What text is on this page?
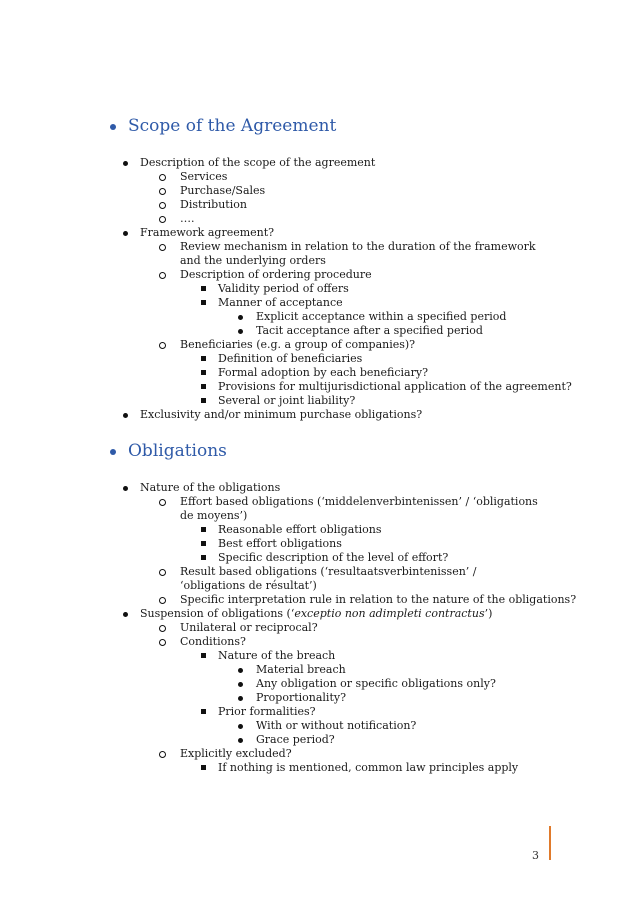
Scope of the Agreement
Description of the scope of the agreement
Services
Purchase/Sales
Distribution
….
Framework agreement?
Review mechanism in relation to the duration of the framework and the underlying orders
Description of ordering procedure
Validity period of offers
Manner of acceptance
Explicit acceptance within a specified period
Tacit acceptance after a specified period
Beneficiaries (e.g. a group of companies)?
Definition of beneficiaries
Formal adoption by each beneficiary?
Provisions for multijurisdictional application of the agreement?
Several or joint liability?
Exclusivity and/or minimum purchase obligations?
Obligations
Nature of the obligations
Effort based obligations (‘middelenverbintenissen’ / ‘obligations de moyens’)
Reasonable effort obligations
Best effort obligations
Specific description of the level of effort?
Result based obligations (‘resultaatsverbintenissen’ / ‘obligations de résultat’)
Specific interpretation rule in relation to the nature of the obligations?
Suspension of obligations (‘exceptio non adimpleti contractus’)
Unilateral or reciprocal?
Conditions?
Nature of the breach
Material breach
Any obligation or specific obligations only?
Proportionality?
Prior formalities?
With or without notification?
Grace period?
Explicitly excluded?
If nothing is mentioned, common law principles apply
3
